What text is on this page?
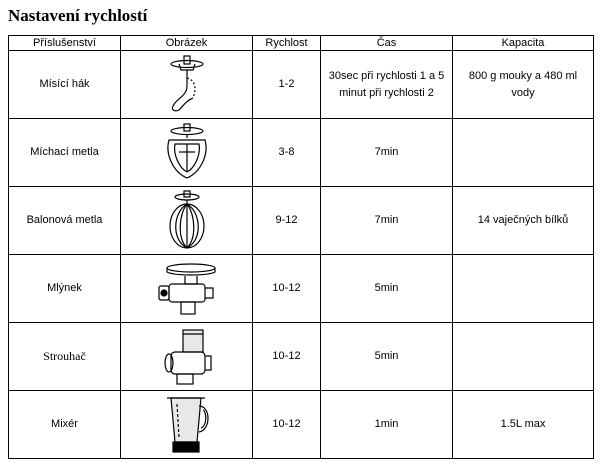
Nastavení rychlostí
Příslušenství	Obrázek	Rychlost	Čas	Kapacita
Mísící hák		1-2	30sec při rychlosti 1 a 5 minut při rychlosti 2	800 g mouky a 480 ml vody
Míchací metla		3-8	7min	
Balonová metla		9-12	7min	14 vaječných bílků
Mlýnek		10-12	5min	
Strouhač		10-12	5min	
Mixér		10-12	1min	1.5L max
